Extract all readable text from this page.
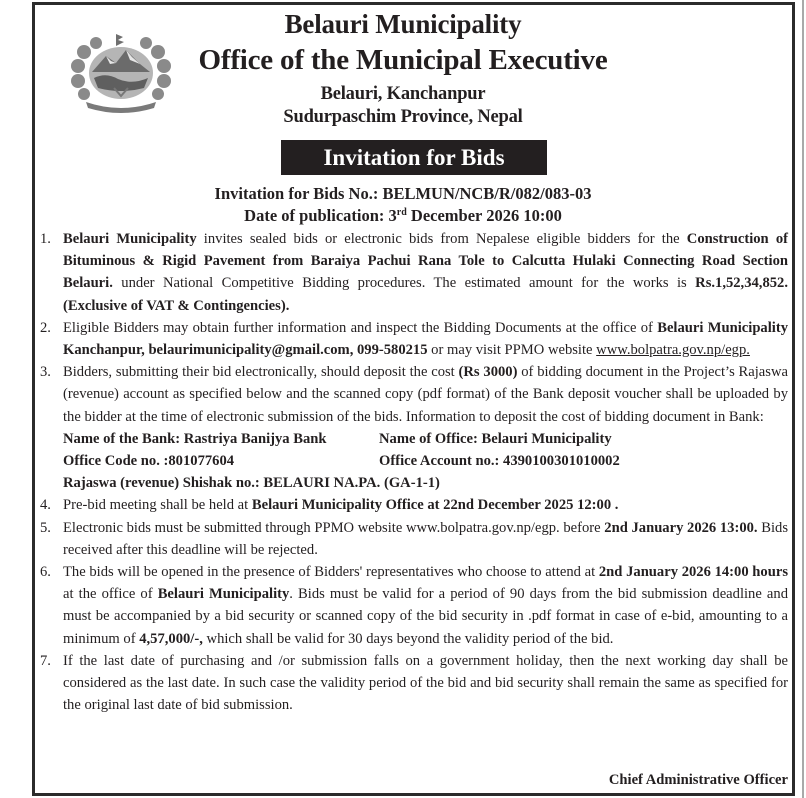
Belauri Municipality
Office of the Municipal Executive
Belauri, Kanchanpur
Sudurpaschim Province, Nepal
Invitation for Bids
Invitation for Bids No.: BELMUN/NCB/R/082/083-03
Date of publication: 3rd December 2026 10:00
1. Belauri Municipality invites sealed bids or electronic bids from Nepalese eligible bidders for the Construction of Bituminous & Rigid Pavement from Baraiya Pachui Rana Tole to Calcutta Hulaki Connecting Road Section Belauri. under National Competitive Bidding procedures. The estimated amount for the works is Rs.1,52,34,852. (Exclusive of VAT & Contingencies).
2. Eligible Bidders may obtain further information and inspect the Bidding Documents at the office of Belauri Municipality Kanchanpur, belaurimunicipality@gmail.com, 099-580215 or may visit PPMO website www.bolpatra.gov.np/egp.
3. Bidders, submitting their bid electronically, should deposit the cost (Rs 3000) of bidding document in the Project’s Rajaswa (revenue) account as specified below and the scanned copy (pdf format) of the Bank deposit voucher shall be uploaded by the bidder at the time of electronic submission of the bids. Information to deposit the cost of bidding document in Bank:
Name of the Bank: Rastriya Banijya Bank	Name of Office: Belauri Municipality
Office Code no. :801077604	Office Account no.: 4390100301010002
Rajaswa (revenue) Shishak no.: BELAURI NA.PA. (GA-1-1)
4. Pre-bid meeting shall be held at Belauri Municipality Office at 22nd December 2025 12:00 .
5. Electronic bids must be submitted through PPMO website www.bolpatra.gov.np/egp. before 2nd January 2026 13:00. Bids received after this deadline will be rejected.
6. The bids will be opened in the presence of Bidders' representatives who choose to attend at 2nd January 2026 14:00 hours at the office of Belauri Municipality. Bids must be valid for a period of 90 days from the bid submission deadline and must be accompanied by a bid security or scanned copy of the bid security in .pdf format in case of e-bid, amounting to a minimum of 4,57,000/-, which shall be valid for 30 days beyond the validity period of the bid.
7. If the last date of purchasing and /or submission falls on a government holiday, then the next working day shall be considered as the last date. In such case the validity period of the bid and bid security shall remain the same as specified for the original last date of bid submission.
Chief Administrative Officer
